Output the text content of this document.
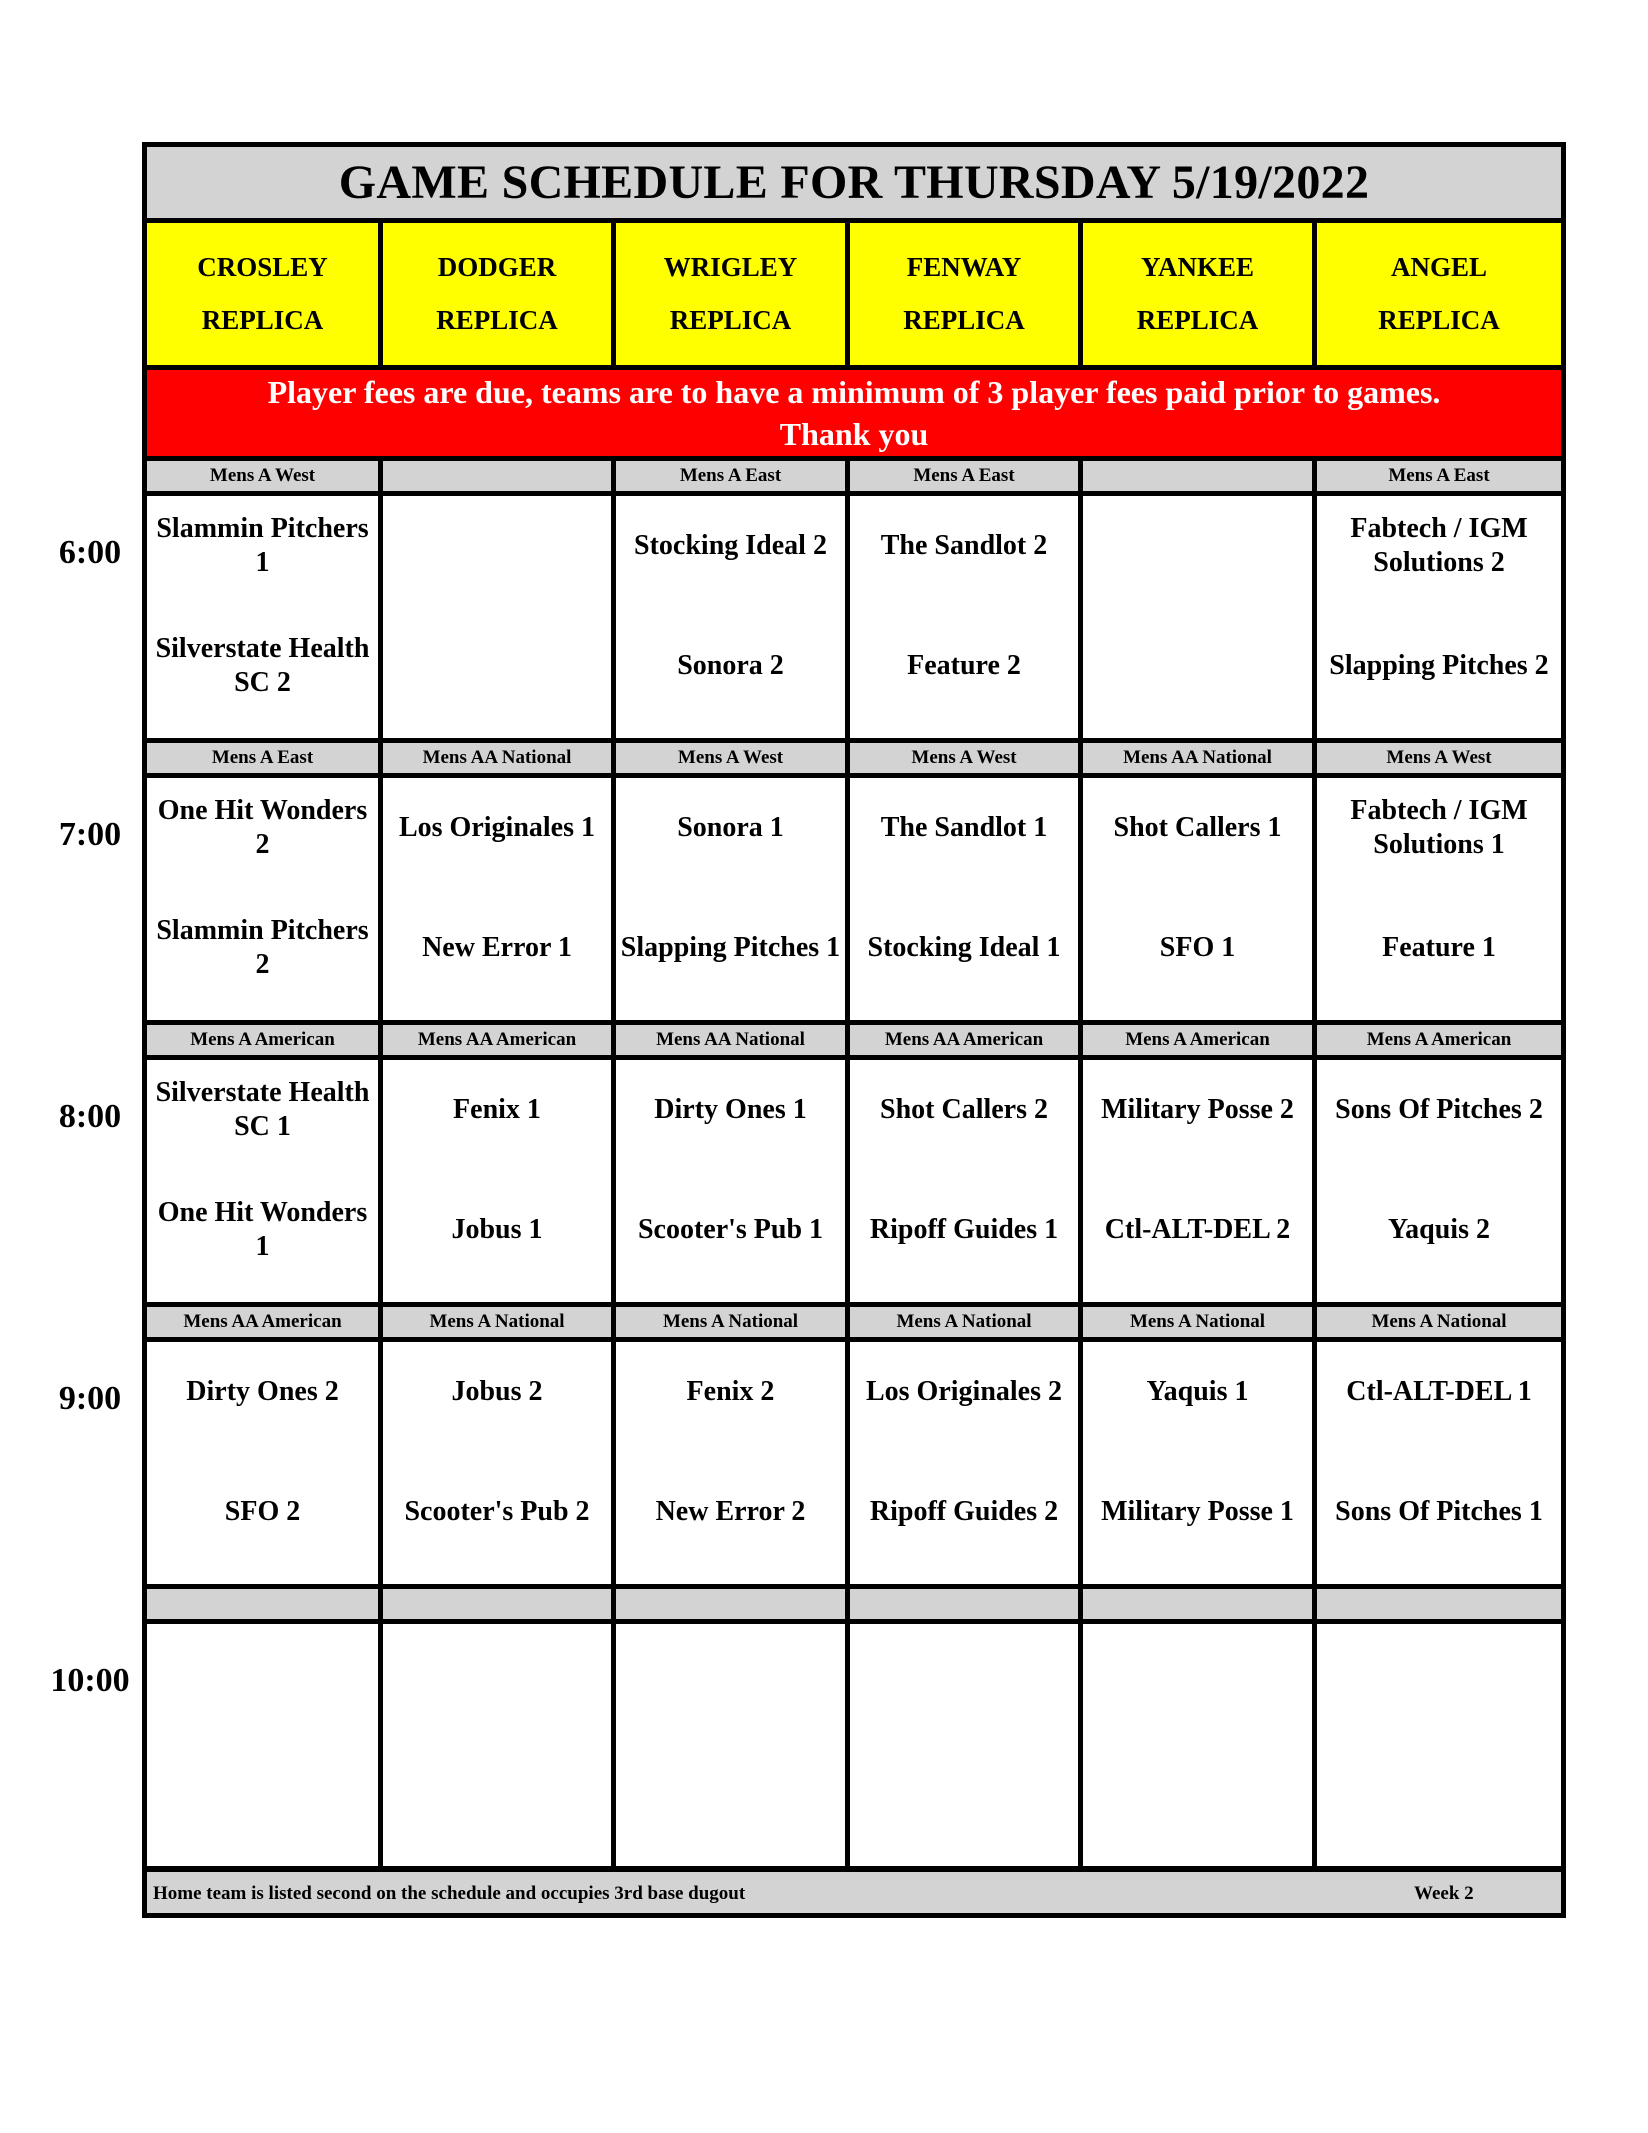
GAME SCHEDULE FOR THURSDAY 5/19/2022
CROSLEY
REPLICA
DODGER
REPLICA
WRIGLEY
REPLICA
FENWAY
REPLICA
YANKEE
REPLICA
ANGEL
REPLICA
Player fees are due, teams are to have a minimum of 3 player fees paid prior to games.
Thank you
Mens A West
Slammin Pitchers 1
Silverstate Health SC 2
Mens A East
Stocking Ideal 2
Sonora 2
Mens A East
The Sandlot 2
Feature 2
Mens A East
Fabtech / IGM Solutions 2
Slapping Pitches 2
Mens A East
One Hit Wonders 2
Slammin Pitchers 2
Mens AA National
Los Originales 1
New Error 1
Mens A West
Sonora 1
Slapping Pitches 1
Mens A West
The Sandlot 1
Stocking Ideal 1
Mens AA National
Shot Callers 1
SFO 1
Mens A West
Fabtech / IGM Solutions 1
Feature 1
Mens A American
Silverstate Health SC 1
One Hit Wonders 1
Mens AA American
Fenix 1
Jobus 1
Mens AA National
Dirty Ones 1
Scooter's Pub 1
Mens AA American
Shot Callers 2
Ripoff Guides 1
Mens A American
Military Posse 2
Ctl-ALT-DEL 2
Mens A American
Sons Of Pitches 2
Yaquis 2
Mens AA American
Dirty Ones 2
SFO 2
Mens A National
Jobus 2
Scooter's Pub 2
Mens A National
Fenix 2
New Error 2
Mens A National
Los Originales 2
Ripoff Guides 2
Mens A National
Yaquis 1
Military Posse 1
Mens A National
Ctl-ALT-DEL 1
Sons Of Pitches 1
Home team is listed second on the schedule and occupies 3rd base dugout	Week 2
6:00
7:00
8:00
9:00
10:00
